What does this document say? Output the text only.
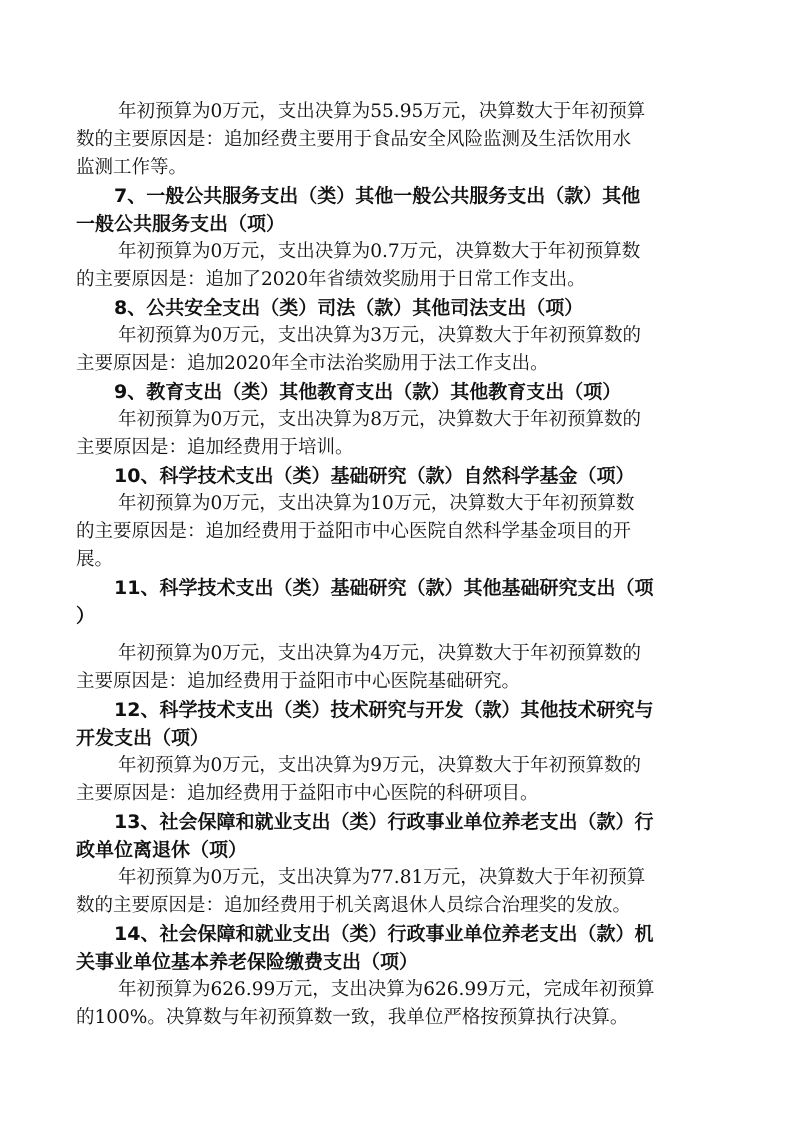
年初预算为0万元，支出决算为55.95万元，决算数大于年初预算
数的主要原因是：追加经费主要用于食品安全风险监测及生活饮用水
监测工作等。

7、一般公共服务支出（类）其他一般公共服务支出（款）其他
一般公共服务支出（项）

年初预算为0万元，支出决算为0.7万元，决算数大于年初预算数
的主要原因是：追加了2020年省绩效奖励用于日常工作支出。

8、公共安全支出（类）司法（款）其他司法支出（项）

年初预算为0万元，支出决算为3万元，决算数大于年初预算数的
主要原因是：追加2020年全市法治奖励用于法工作支出。

9、教育支出（类）其他教育支出（款）其他教育支出（项）

年初预算为0万元，支出决算为8万元，决算数大于年初预算数的
主要原因是：追加经费用于培训。

10、科学技术支出（类）基础研究（款）自然科学基金（项）

年初预算为0万元，支出决算为10万元，决算数大于年初预算数
的主要原因是：追加经费用于益阳市中心医院自然科学基金项目的开
展。

11、科学技术支出（类）基础研究（款）其他基础研究支出（项
）

年初预算为0万元，支出决算为4万元，决算数大于年初预算数的
主要原因是：追加经费用于益阳市中心医院基础研究。

12、科学技术支出（类）技术研究与开发（款）其他技术研究与
开发支出（项）

年初预算为0万元，支出决算为9万元，决算数大于年初预算数的
主要原因是：追加经费用于益阳市中心医院的科研项目。

13、社会保障和就业支出（类）行政事业单位养老支出（款）行
政单位离退休（项）

年初预算为0万元，支出决算为77.81万元，决算数大于年初预算
数的主要原因是：追加经费用于机关离退休人员综合治理奖的发放。

14、社会保障和就业支出（类）行政事业单位养老支出（款）机
关事业单位基本养老保险缴费支出（项）

年初预算为626.99万元，支出决算为626.99万元，完成年初预算
的100%。决算数与年初预算数一致，我单位严格按预算执行决算。
